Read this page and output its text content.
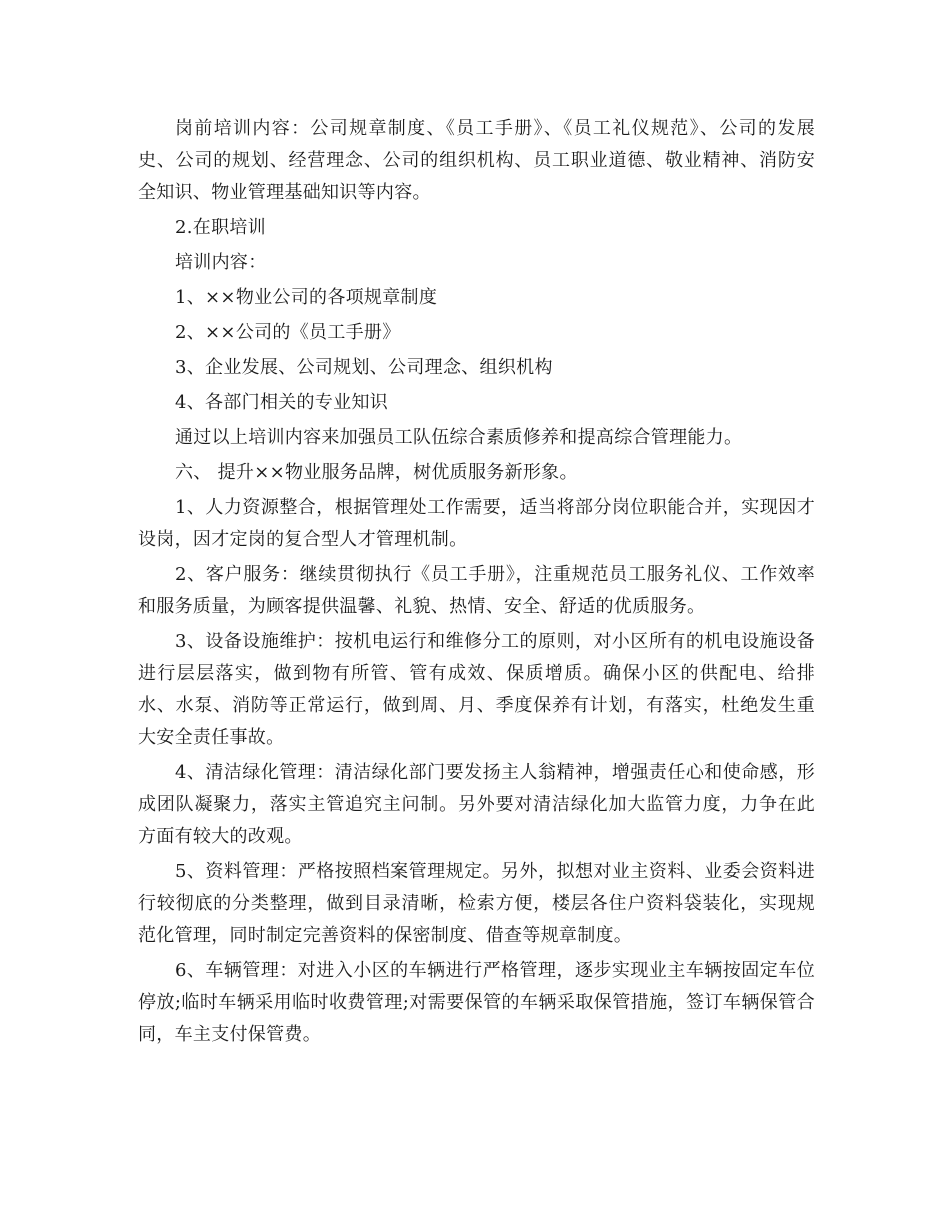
岗前培训内容：公司规章制度、《员工手册》、《员工礼仪规范》、公司的发展史、公司的规划、经营理念、公司的组织机构、员工职业道德、敬业精神、消防安全知识、物业管理基础知识等内容。

2.在职培训

培训内容：

1、××物业公司的各项规章制度

2、××公司的《员工手册》

3、企业发展、公司规划、公司理念、组织机构

4、各部门相关的专业知识

通过以上培训内容来加强员工队伍综合素质修养和提高综合管理能力。

六、 提升××物业服务品牌，树优质服务新形象。

1、人力资源整合，根据管理处工作需要，适当将部分岗位职能合并，实现因才设岗，因才定岗的复合型人才管理机制。

2、客户服务：继续贯彻执行《员工手册》，注重规范员工服务礼仪、工作效率和服务质量，为顾客提供温馨、礼貌、热情、安全、舒适的优质服务。

3、设备设施维护：按机电运行和维修分工的原则，对小区所有的机电设施设备进行层层落实，做到物有所管、管有成效、保质增质。确保小区的供配电、给排水、水泵、消防等正常运行，做到周、月、季度保养有计划，有落实，杜绝发生重大安全责任事故。

4、清洁绿化管理：清洁绿化部门要发扬主人翁精神，增强责任心和使命感，形成团队凝聚力，落实主管追究主问制。另外要对清洁绿化加大监管力度，力争在此方面有较大的改观。

5、资料管理：严格按照档案管理规定。另外，拟想对业主资料、业委会资料进行较彻底的分类整理，做到目录清晰，检索方便，楼层各住户资料袋装化，实现规范化管理，同时制定完善资料的保密制度、借查等规章制度。

6、车辆管理：对进入小区的车辆进行严格管理，逐步实现业主车辆按固定车位停放;临时车辆采用临时收费管理;对需要保管的车辆采取保管措施，签订车辆保管合同，车主支付保管费。
